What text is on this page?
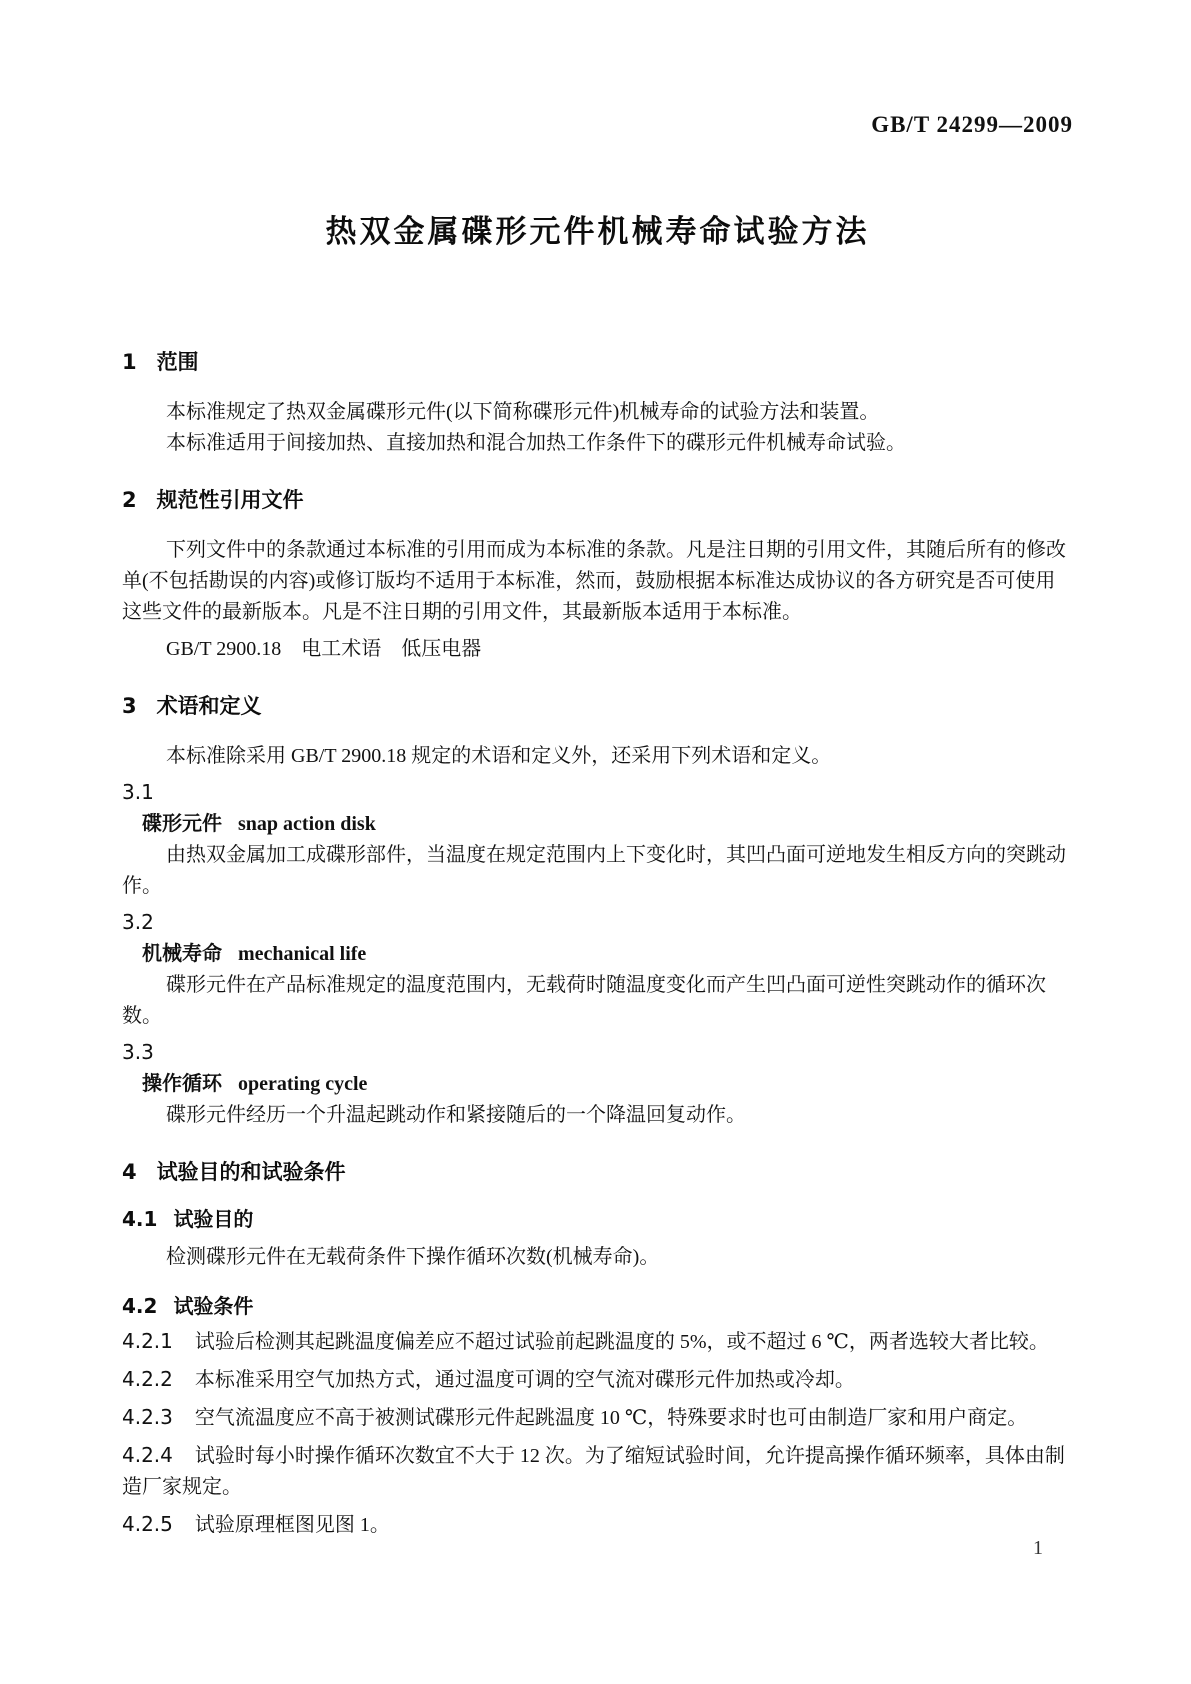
GB/T 24299—2009
热双金属碟形元件机械寿命试验方法
1 范围

本标准规定了热双金属碟形元件(以下简称碟形元件)机械寿命的试验方法和装置。

本标准适用于间接加热、直接加热和混合加热工作条件下的碟形元件机械寿命试验。

2 规范性引用文件

下列文件中的条款通过本标准的引用而成为本标准的条款。凡是注日期的引用文件，其随后所有的修改单(不包括勘误的内容)或修订版均不适用于本标准，然而，鼓励根据本标准达成协议的各方研究是否可使用这些文件的最新版本。凡是不注日期的引用文件，其最新版本适用于本标准。

GB/T 2900.18　电工术语　低压电器

3 术语和定义

本标准除采用 GB/T 2900.18 规定的术语和定义外，还采用下列术语和定义。

3.1
碟形元件 snap action disk

由热双金属加工成碟形部件，当温度在规定范围内上下变化时，其凹凸面可逆地发生相反方向的突跳动作。

3.2
机械寿命 mechanical life

碟形元件在产品标准规定的温度范围内，无载荷时随温度变化而产生凹凸面可逆性突跳动作的循环次数。

3.3
操作循环 operating cycle

碟形元件经历一个升温起跳动作和紧接随后的一个降温回复动作。

4 试验目的和试验条件
4.1 试验目的

检测碟形元件在无载荷条件下操作循环次数(机械寿命)。

4.2 试验条件

4.2.1 试验后检测其起跳温度偏差应不超过试验前起跳温度的 5%，或不超过 6 ℃，两者选较大者比较。

4.2.2 本标准采用空气加热方式，通过温度可调的空气流对碟形元件加热或冷却。

4.2.3 空气流温度应不高于被测试碟形元件起跳温度 10 ℃，特殊要求时也可由制造厂家和用户商定。

4.2.4 试验时每小时操作循环次数宜不大于 12 次。为了缩短试验时间，允许提高操作循环频率，具体由制造厂家规定。

4.2.5 试验原理框图见图 1。

1
